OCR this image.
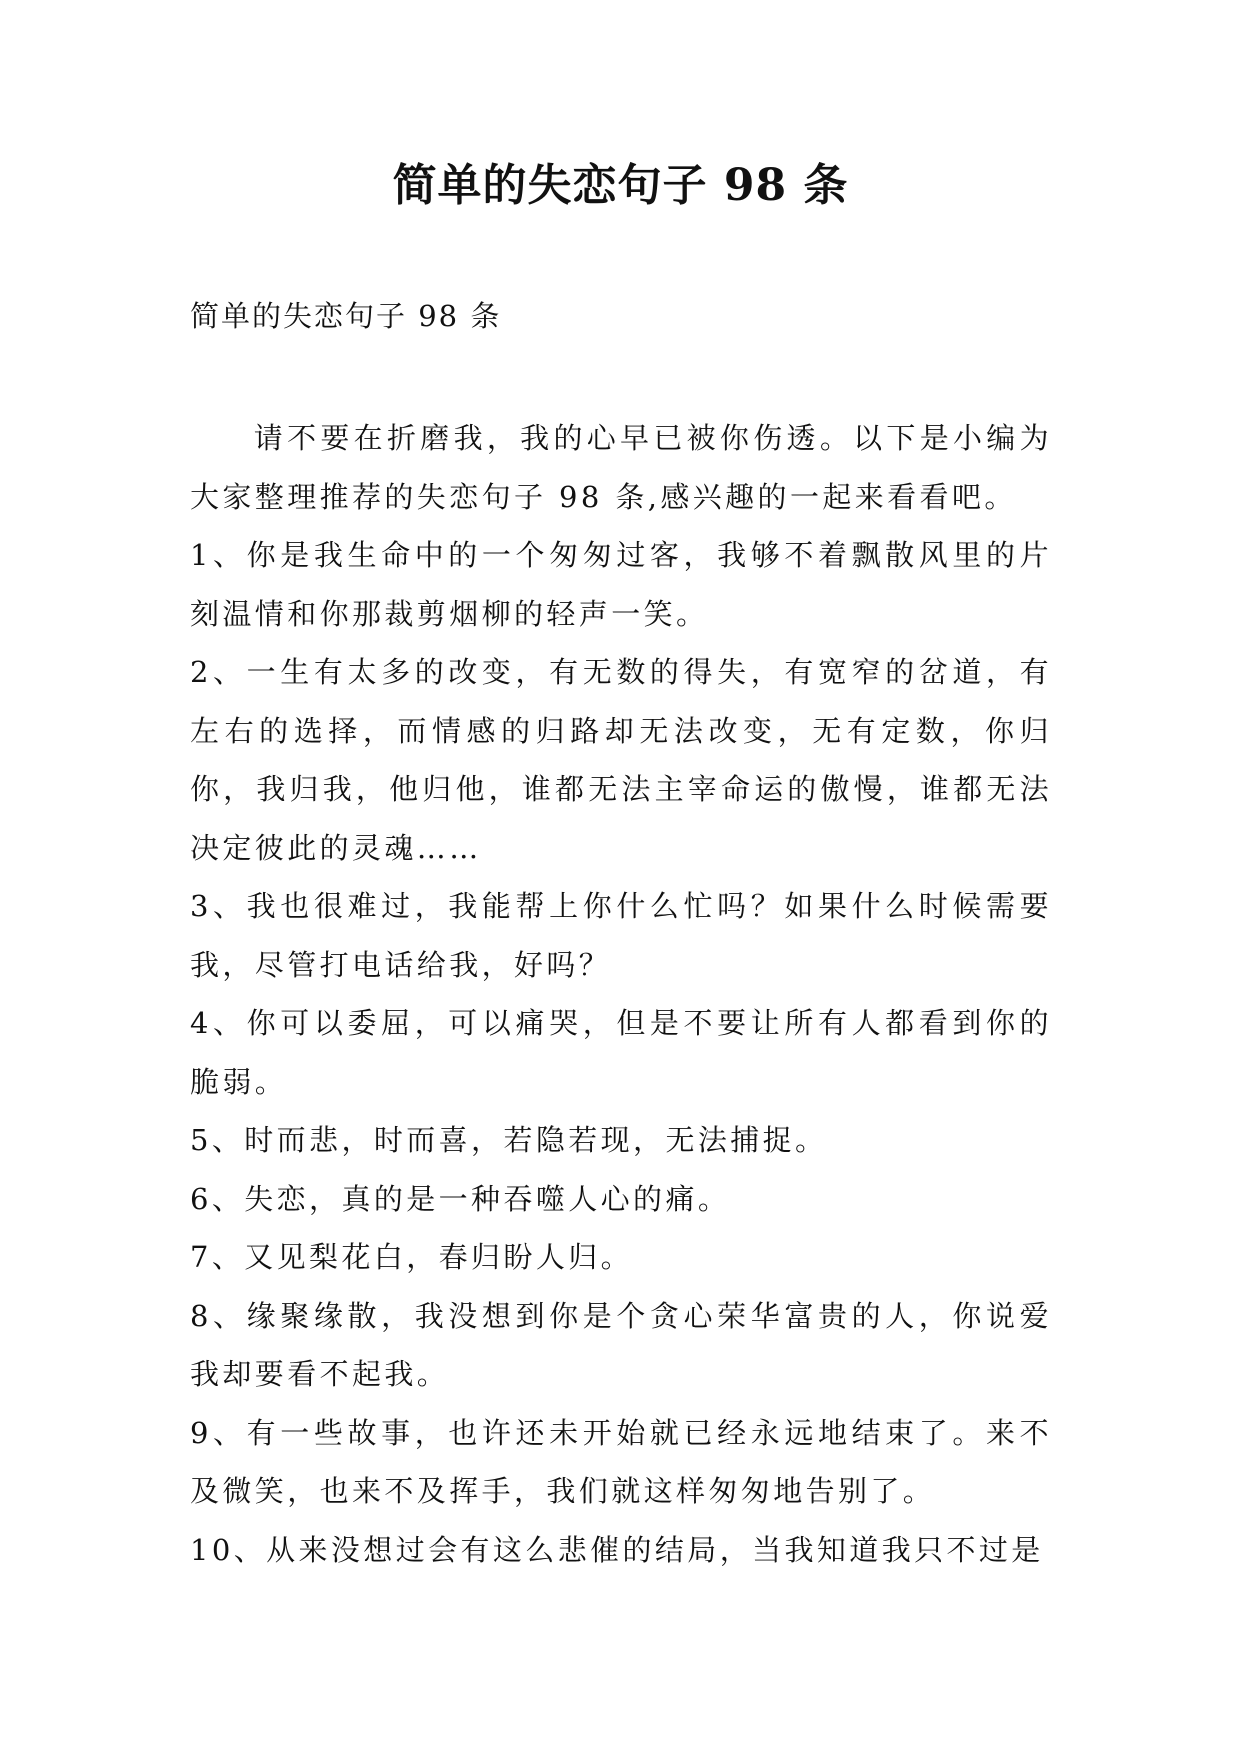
简单的失恋句子 98 条

简单的失恋句子 98 条

请不要在折磨我，我的心早已被你伤透。以下是小编为大家整理推荐的失恋句子 98 条,感兴趣的一起来看看吧。

1、你是我生命中的一个匆匆过客，我够不着飘散风里的片刻温情和你那裁剪烟柳的轻声一笑。

2、一生有太多的改变，有无数的得失，有宽窄的岔道，有左右的选择，而情感的归路却无法改变，无有定数，你归你，我归我，他归他，谁都无法主宰命运的傲慢，谁都无法决定彼此的灵魂……

3、我也很难过，我能帮上你什么忙吗？如果什么时候需要我，尽管打电话给我，好吗？

4、你可以委屈，可以痛哭，但是不要让所有人都看到你的脆弱。

5、时而悲，时而喜，若隐若现，无法捕捉。

6、失恋，真的是一种吞噬人心的痛。

7、又见梨花白，春归盼人归。

8、缘聚缘散，我没想到你是个贪心荣华富贵的人，你说爱我却要看不起我。

9、有一些故事，也许还未开始就已经永远地结束了。来不及微笑，也来不及挥手，我们就这样匆匆地告别了。

10、从来没想过会有这么悲催的结局，当我知道我只不过是
